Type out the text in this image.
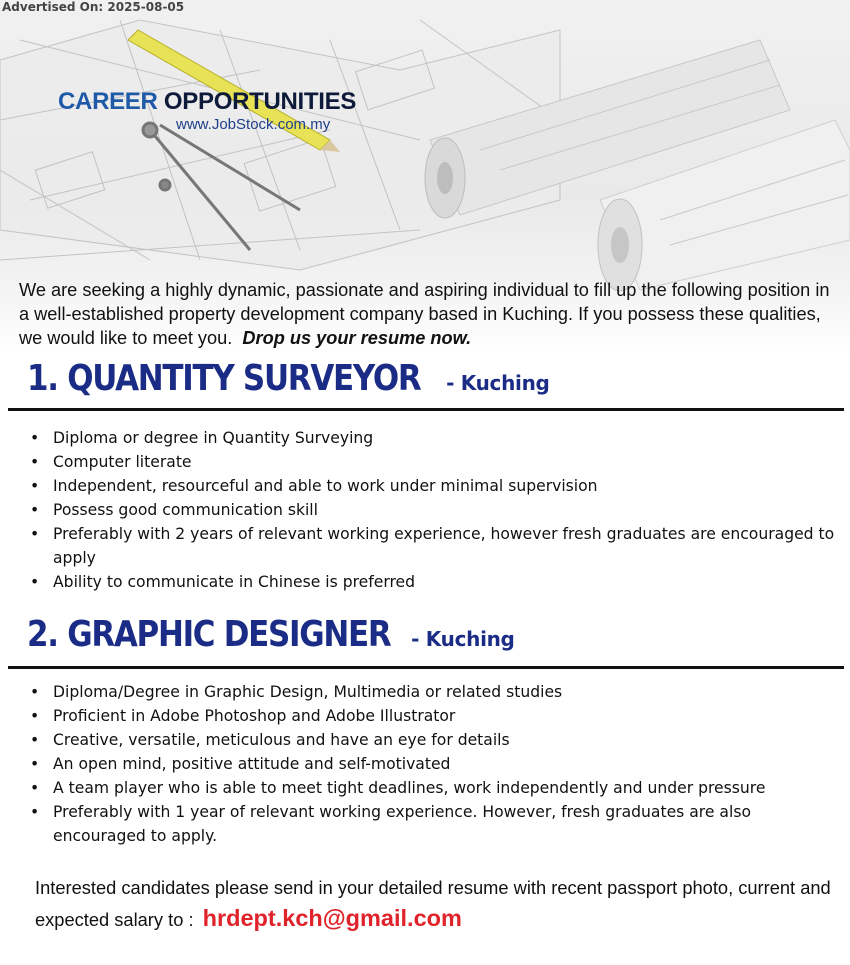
Advertised On: 2025-08-05
CAREER OPPORTUNITIES
www.JobStock.com.my
We are seeking a highly dynamic, passionate and aspiring individual to fill up the following position in a well-established property development company based in Kuching. If you possess these qualities, we would like to meet you. Drop us your resume now.
1. QUANTITY SURVEYOR - Kuching
• Diploma or degree in Quantity Surveying
• Computer literate
• Independent, resourceful and able to work under minimal supervision
• Possess good communication skill
• Preferably with 2 years of relevant working experience, however fresh graduates are encouraged to apply
• Ability to communicate in Chinese is preferred
2. GRAPHIC DESIGNER - Kuching
• Diploma/Degree in Graphic Design, Multimedia or related studies
• Proficient in Adobe Photoshop and Adobe Illustrator
• Creative, versatile, meticulous and have an eye for details
• An open mind, positive attitude and self-motivated
• A team player who is able to meet tight deadlines, work independently and under pressure
• Preferably with 1 year of relevant working experience. However, fresh graduates are also encouraged to apply.
Interested candidates please send in your detailed resume with recent passport photo, current and expected salary to : hrdept.kch@gmail.com
